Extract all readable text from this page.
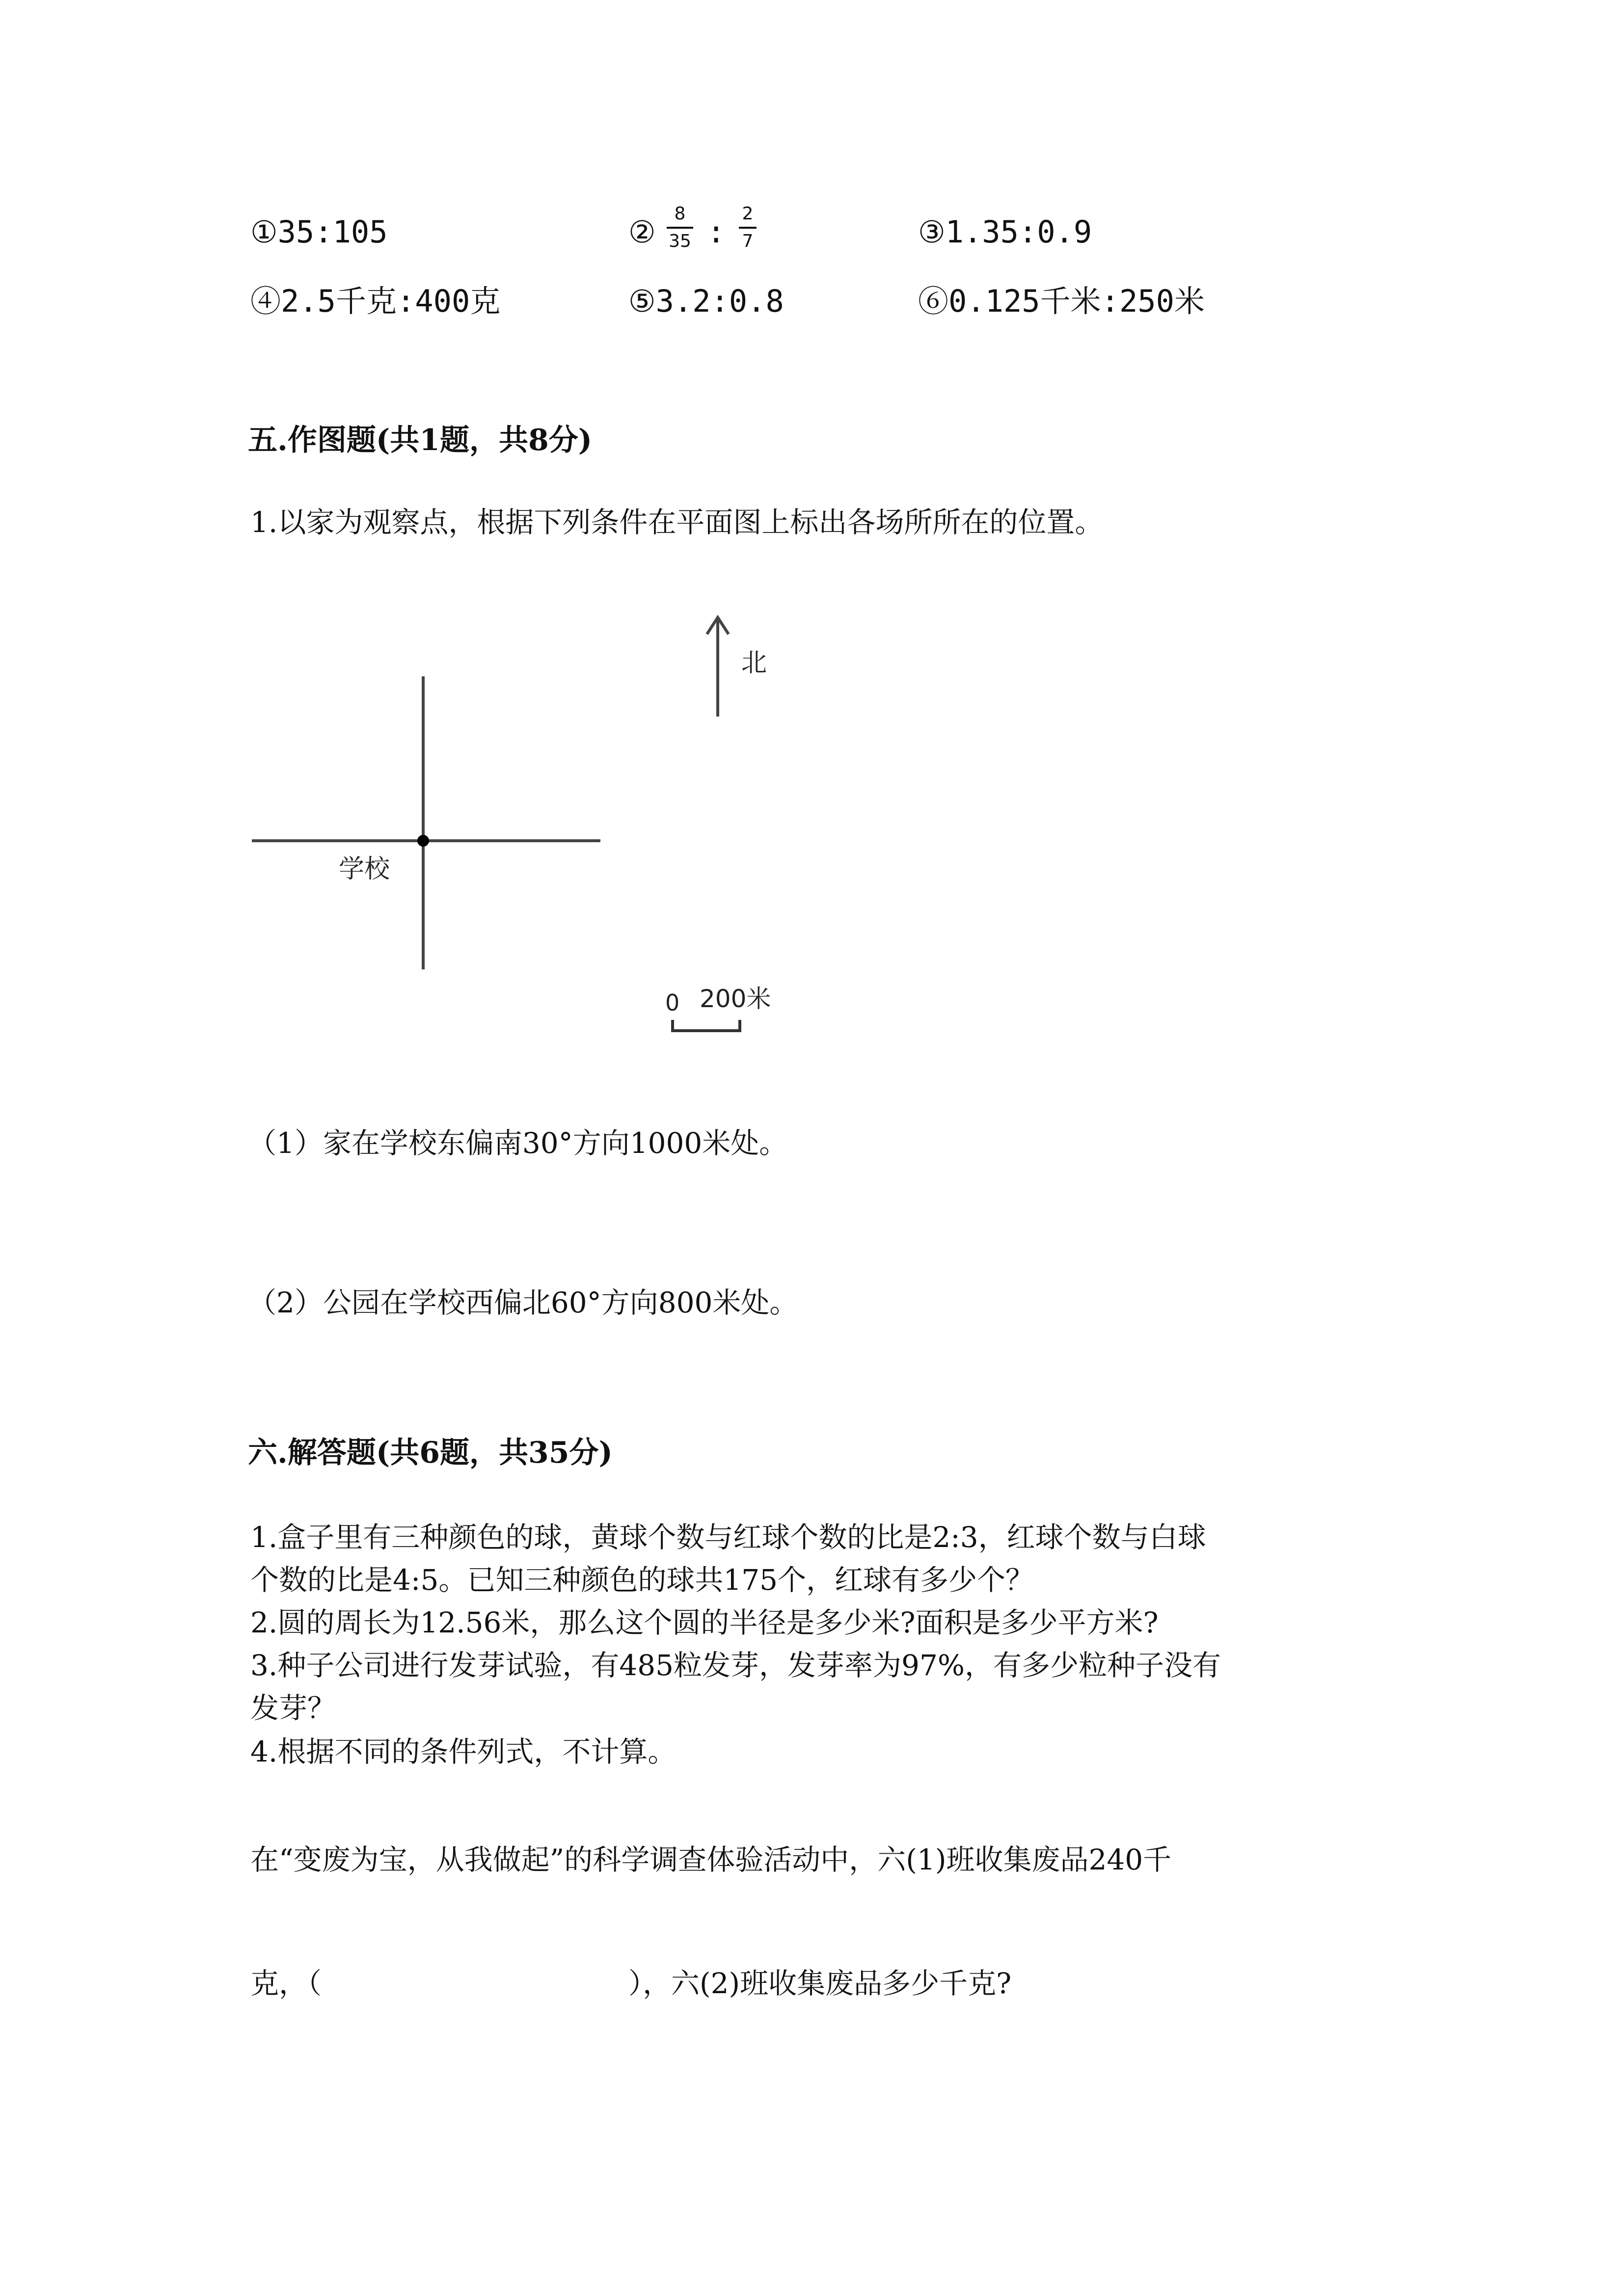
①35:105	②
8
35 :
2
7	③1.35:0.9
④2.5千克:400克	⑤3.2:0.8	⑥0.125千米:250米
五.作图题(共1题，共8分)
1.以家为观察点，根据下列条件在平面图上标出各场所所在的位置。
北
学校
0 200米
（1）家在学校东偏南30°方向1000米处。
（2）公园在学校西偏北60°方向800米处。
六.解答题(共6题，共35分)
1.盒子里有三种颜色的球，黄球个数与红球个数的比是2:3，红球个数与白球
个数的比是4:5。已知三种颜色的球共175个，红球有多少个？
2.圆的周长为12.56米，那么这个圆的半径是多少米?面积是多少平方米?
3.种子公司进行发芽试验，有485粒发芽，发芽率为97%，有多少粒种子没有
发芽？
4.根据不同的条件列式，不计算。
在“变废为宝，从我做起”的科学调查体验活动中，六(1)班收集废品240千
克，（	），六(2)班收集废品多少千克?
